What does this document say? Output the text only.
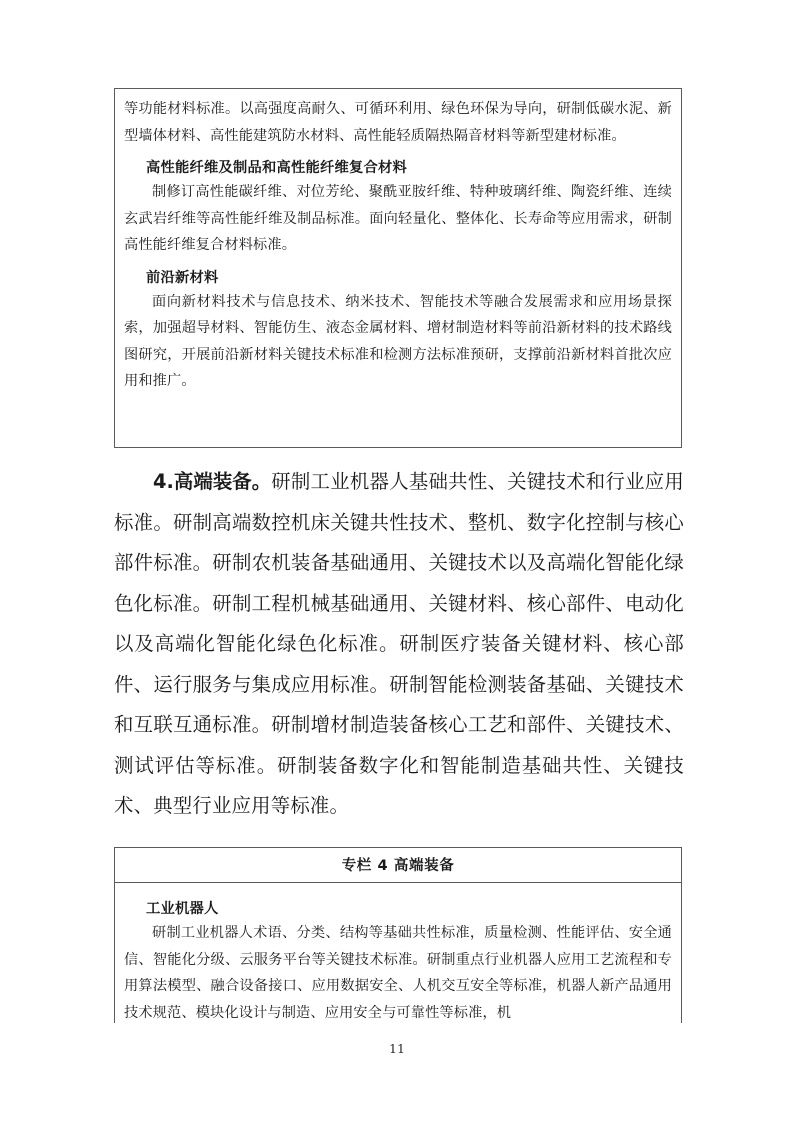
等功能材料标准。以高强度高耐久、可循环利用、绿色环保为导向，研制低碳水泥、新型墙体材料、高性能建筑防水材料、高性能轻质隔热隔音材料等新型建材标准。

高性能纤维及制品和高性能纤维复合材料

制修订高性能碳纤维、对位芳纶、聚酰亚胺纤维、特种玻璃纤维、陶瓷纤维、连续玄武岩纤维等高性能纤维及制品标准。面向轻量化、整体化、长寿命等应用需求，研制高性能纤维复合材料标准。

前沿新材料

面向新材料技术与信息技术、纳米技术、智能技术等融合发展需求和应用场景探索，加强超导材料、智能仿生、液态金属材料、增材制造材料等前沿新材料的技术路线图研究，开展前沿新材料关键技术标准和检测方法标准预研，支撑前沿新材料首批次应用和推广。

4.高端装备。研制工业机器人基础共性、关键技术和行业应用标准。研制高端数控机床关键共性技术、整机、数字化控制与核心部件标准。研制农机装备基础通用、关键技术以及高端化智能化绿色化标准。研制工程机械基础通用、关键材料、核心部件、电动化以及高端化智能化绿色化标准。研制医疗装备关键材料、核心部件、运行服务与集成应用标准。研制智能检测装备基础、关键技术和互联互通标准。研制增材制造装备核心工艺和部件、关键技术、测试评估等标准。研制装备数字化和智能制造基础共性、关键技术、典型行业应用等标准。

专栏 4 高端装备
工业机器人

研制工业机器人术语、分类、结构等基础共性标准，质量检测、性能评估、安全通信、智能化分级、云服务平台等关键技术标准。研制重点行业机器人应用工艺流程和专用算法模型、融合设备接口、应用数据安全、人机交互安全等标准，机器人新产品通用技术规范、模块化设计与制造、应用安全与可靠性等标准，机

11
